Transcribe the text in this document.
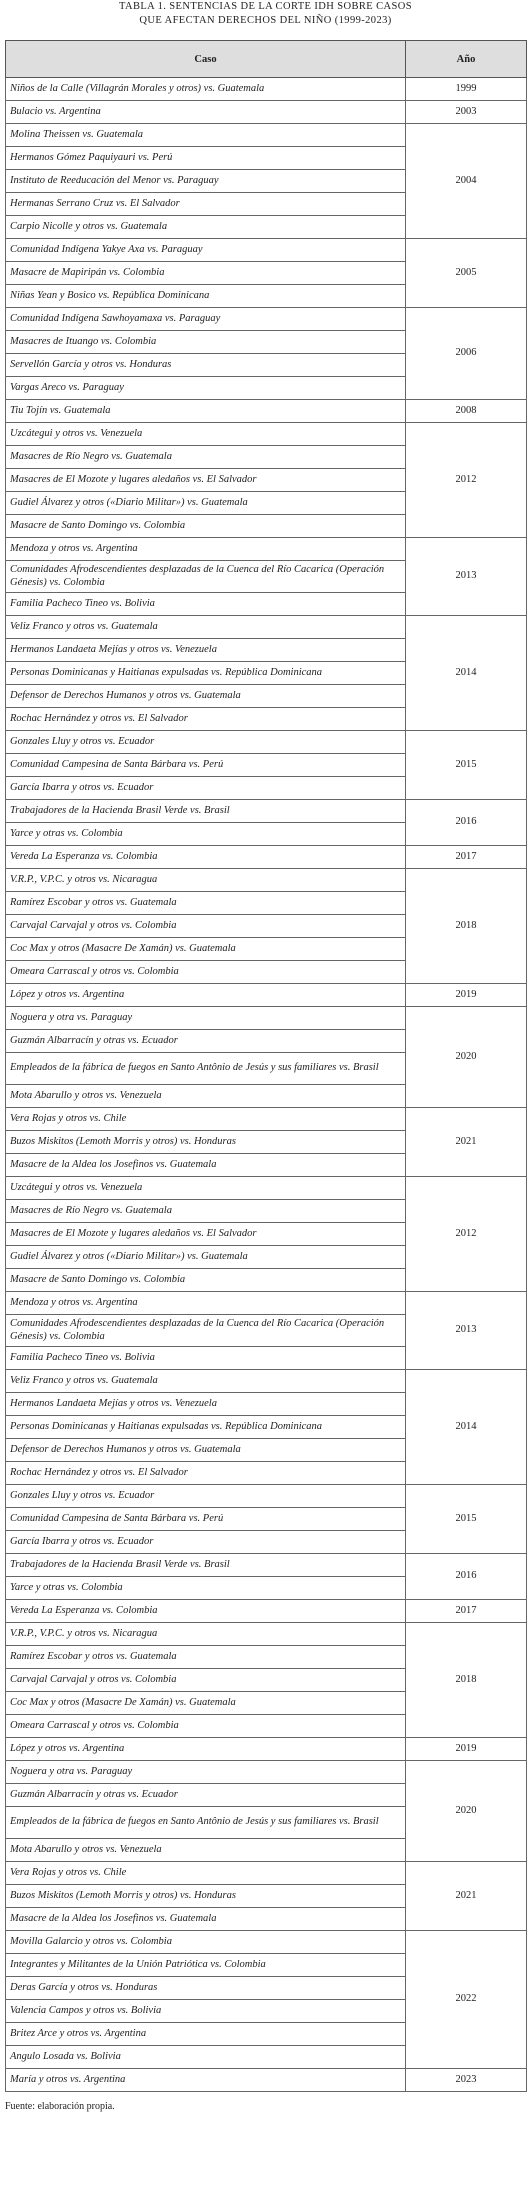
TABLA 1. SENTENCIAS DE LA CORTE IDH SOBRE CASOS
QUE AFECTAN DERECHOS DEL NIÑO (1999-2023)
Caso	Año
Niños de la Calle (Villagrán Morales y otros) vs. Guatemala	1999
Bulacio vs. Argentina	2003
Molina Theissen vs. Guatemala	2004
Hermanos Gómez Paquiyauri vs. Perú	
Instituto de Reeducación del Menor vs. Paraguay	
Hermanas Serrano Cruz vs. El Salvador	
Carpio Nicolle y otros vs. Guatemala	
Comunidad Indígena Yakye Axa vs. Paraguay	2005
Masacre de Mapiripán vs. Colombia	
Niñas Yean y Bosico vs. República Dominicana	
Comunidad Indígena Sawhoyamaxa vs. Paraguay	2006
Masacres de Ituango vs. Colombia	
Servellón García y otros vs. Honduras	
Vargas Areco vs. Paraguay	
Tiu Tojín vs. Guatemala	2008
Uzcátegui y otros vs. Venezuela	2012
Masacres de Río Negro vs. Guatemala	
Masacres de El Mozote y lugares aledaños vs. El Salvador	
Gudiel Álvarez y otros («Diario Militar») vs. Guatemala	
Masacre de Santo Domingo vs. Colombia	
Mendoza y otros vs. Argentina	2013
Comunidades Afrodescendientes desplazadas de la Cuenca del Río Cacarica (Operación Génesis) vs. Colombia	
Familia Pacheco Tineo vs. Bolivia	
Veliz Franco y otros vs. Guatemala	2014
Hermanos Landaeta Mejías y otros vs. Venezuela	
Personas Dominicanas y Haitianas expulsadas vs. República Dominicana	
Defensor de Derechos Humanos y otros vs. Guatemala	
Rochac Hernández y otros vs. El Salvador	
Gonzales Lluy y otros vs. Ecuador	2015
Comunidad Campesina de Santa Bárbara vs. Perú	
García Ibarra y otros vs. Ecuador	
Trabajadores de la Hacienda Brasil Verde vs. Brasil	2016
Yarce y otras vs. Colombia	
Vereda La Esperanza vs. Colombia	2017
V.R.P., V.P.C. y otros vs. Nicaragua	2018
Ramírez Escobar y otros vs. Guatemala	
Carvajal Carvajal y otros vs. Colombia	
Coc Max y otros (Masacre De Xamán) vs. Guatemala	
Omeara Carrascal y otros vs. Colombia	
López y otros vs. Argentina	2019
Noguera y otra vs. Paraguay	2020
Guzmán Albarracín y otras vs. Ecuador	
Empleados de la fábrica de fuegos en Santo Antônio de Jesús y sus familiares vs. Brasil	
Mota Abarullo y otros vs. Venezuela	
Vera Rojas y otros vs. Chile	2021
Buzos Miskitos (Lemoth Morris y otros) vs. Honduras	
Masacre de la Aldea los Josefinos vs. Guatemala	
Uzcátegui y otros vs. Venezuela	2012
Masacres de Río Negro vs. Guatemala	
Masacres de El Mozote y lugares aledaños vs. El Salvador	
Gudiel Álvarez y otros («Diario Militar») vs. Guatemala	
Masacre de Santo Domingo vs. Colombia	
Mendoza y otros vs. Argentina	2013
Comunidades Afrodescendientes desplazadas de la Cuenca del Río Cacarica (Operación Génesis) vs. Colombia	
Familia Pacheco Tineo vs. Bolivia	
Veliz Franco y otros vs. Guatemala	2014
Hermanos Landaeta Mejías y otros vs. Venezuela	
Personas Dominicanas y Haitianas expulsadas vs. República Dominicana	
Defensor de Derechos Humanos y otros vs. Guatemala	
Rochac Hernández y otros vs. El Salvador	
Gonzales Lluy y otros vs. Ecuador	2015
Comunidad Campesina de Santa Bárbara vs. Perú	
García Ibarra y otros vs. Ecuador	
Trabajadores de la Hacienda Brasil Verde vs. Brasil	2016
Yarce y otras vs. Colombia	
Vereda La Esperanza vs. Colombia	2017
V.R.P., V.P.C. y otros vs. Nicaragua	2018
Ramírez Escobar y otros vs. Guatemala	
Carvajal Carvajal y otros vs. Colombia	
Coc Max y otros (Masacre De Xamán) vs. Guatemala	
Omeara Carrascal y otros vs. Colombia	
López y otros vs. Argentina	2019
Noguera y otra vs. Paraguay	2020
Guzmán Albarracín y otras vs. Ecuador	
Empleados de la fábrica de fuegos en Santo Antônio de Jesús y sus familiares vs. Brasil	
Mota Abarullo y otros vs. Venezuela	
Vera Rojas y otros vs. Chile	2021
Buzos Miskitos (Lemoth Morris y otros) vs. Honduras	
Masacre de la Aldea los Josefinos vs. Guatemala	
Movilla Galarcio y otros vs. Colombia	2022
Integrantes y Militantes de la Unión Patriótica vs. Colombia	
Deras García y otros vs. Honduras	
Valencia Campos y otros vs. Bolivia	
Britez Arce y otros vs. Argentina	
Angulo Losada vs. Bolivia	
María y otros vs. Argentina	2023
Fuente: elaboración propia.
